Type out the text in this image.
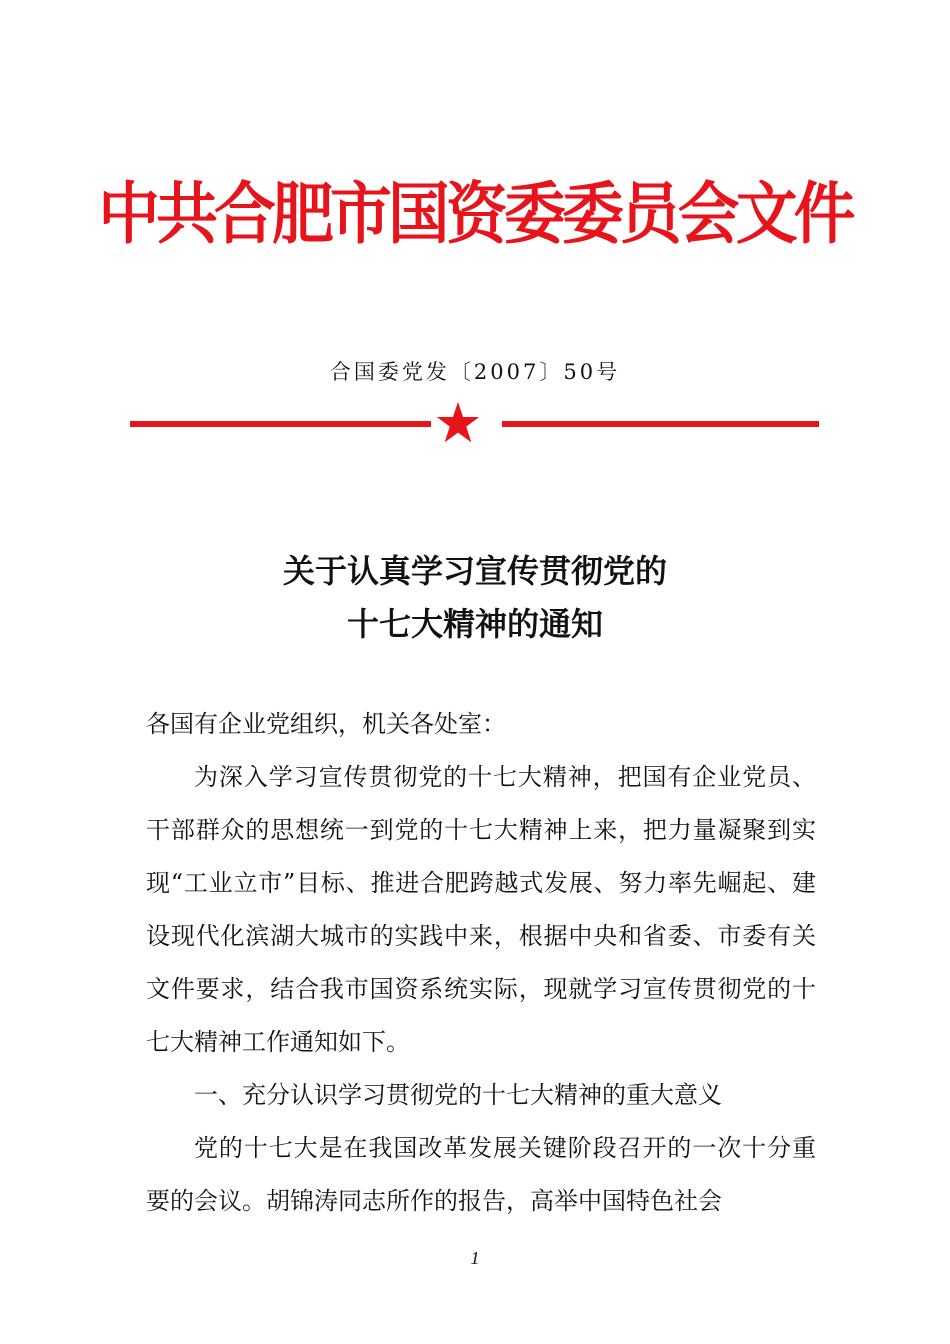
中共合肥市国资委委员会文件
合国委党发〔2007〕50号
关于认真学习宣传贯彻党的
十七大精神的通知

各国有企业党组织，机关各处室：

为深入学习宣传贯彻党的十七大精神，把国有企业党员、干部群众的思想统一到党的十七大精神上来，把力量凝聚到实现“工业立市”目标、推进合肥跨越式发展、努力率先崛起、建设现代化滨湖大城市的实践中来，根据中央和省委、市委有关文件要求，结合我市国资系统实际，现就学习宣传贯彻党的十七大精神工作通知如下。

一、充分认识学习贯彻党的十七大精神的重大意义

党的十七大是在我国改革发展关键阶段召开的一次十分重要的会议。胡锦涛同志所作的报告，高举中国特色社会

1
